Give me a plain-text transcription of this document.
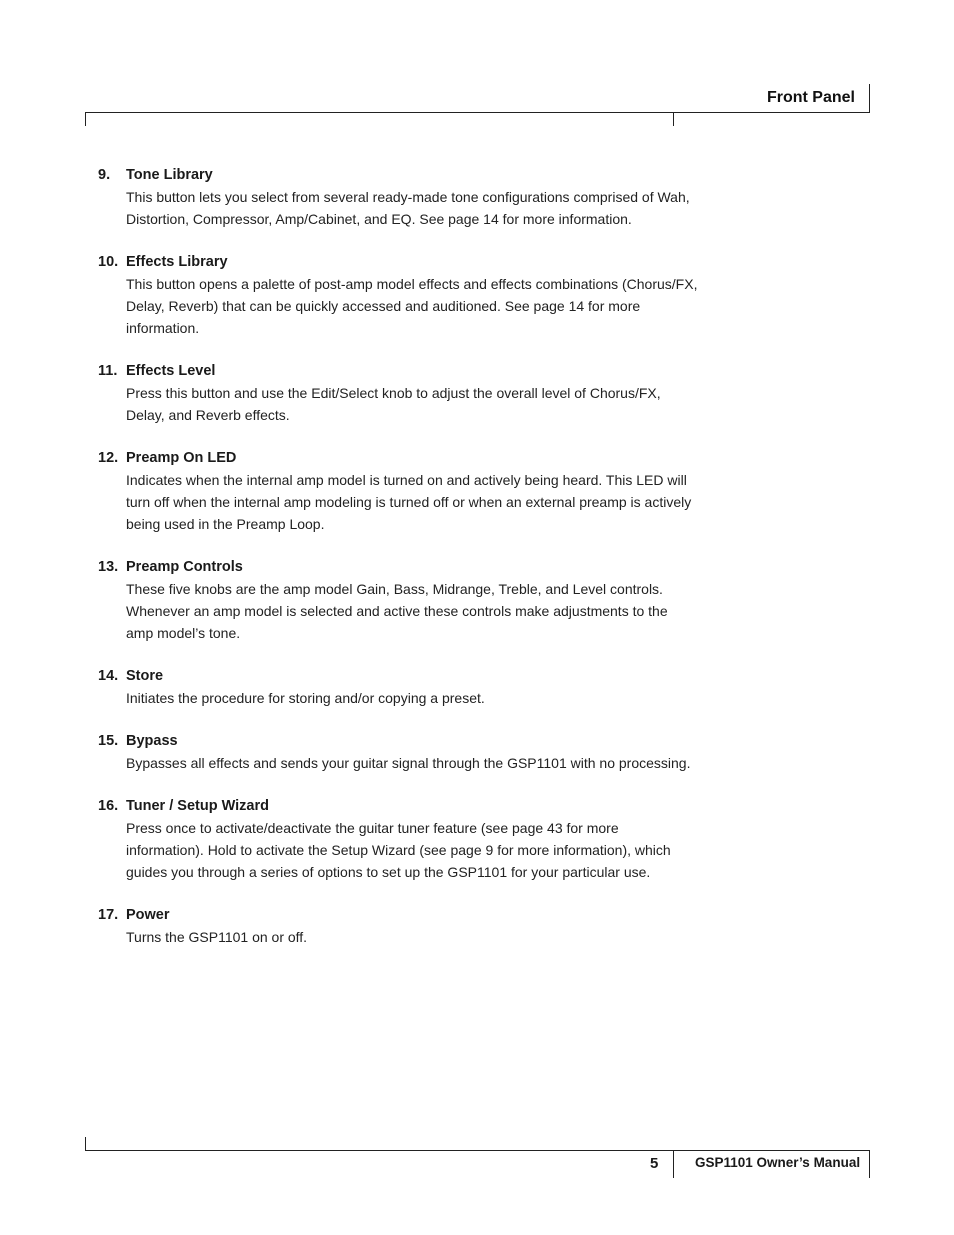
Front Panel
9.	Tone Library
This button lets you select from several ready-made tone configurations comprised of Wah, Distortion, Compressor, Amp/Cabinet, and EQ. See page 14 for more information.
10. Effects Library
This button opens a palette of post-amp model effects and effects combinations (Chorus/FX, Delay, Reverb) that can be quickly accessed and auditioned. See page 14 for more information.
11. Effects Level
Press this button and use the Edit/Select knob to adjust the overall level of Chorus/FX, Delay, and Reverb effects.
12. Preamp On LED
Indicates when the internal amp model is turned on and actively being heard. This LED will turn off when the internal amp modeling is turned off or when an external preamp is actively being used in the Preamp Loop.
13. Preamp Controls
These five knobs are the amp model Gain, Bass, Midrange, Treble, and Level controls. Whenever an amp model is selected and active these controls make adjustments to the amp model’s tone.
14. Store
Initiates the procedure for storing and/or copying a preset.
15. Bypass
Bypasses all effects and sends your guitar signal through the GSP1101 with no processing.
16. Tuner / Setup Wizard
Press once to activate/deactivate the guitar tuner feature (see page 43 for more information). Hold to activate the Setup Wizard (see page 9 for more information), which guides you through a series of options to set up the GSP1101 for your particular use.
17. Power
Turns the GSP1101 on or off.
5	GSP1101 Owner’s Manual
